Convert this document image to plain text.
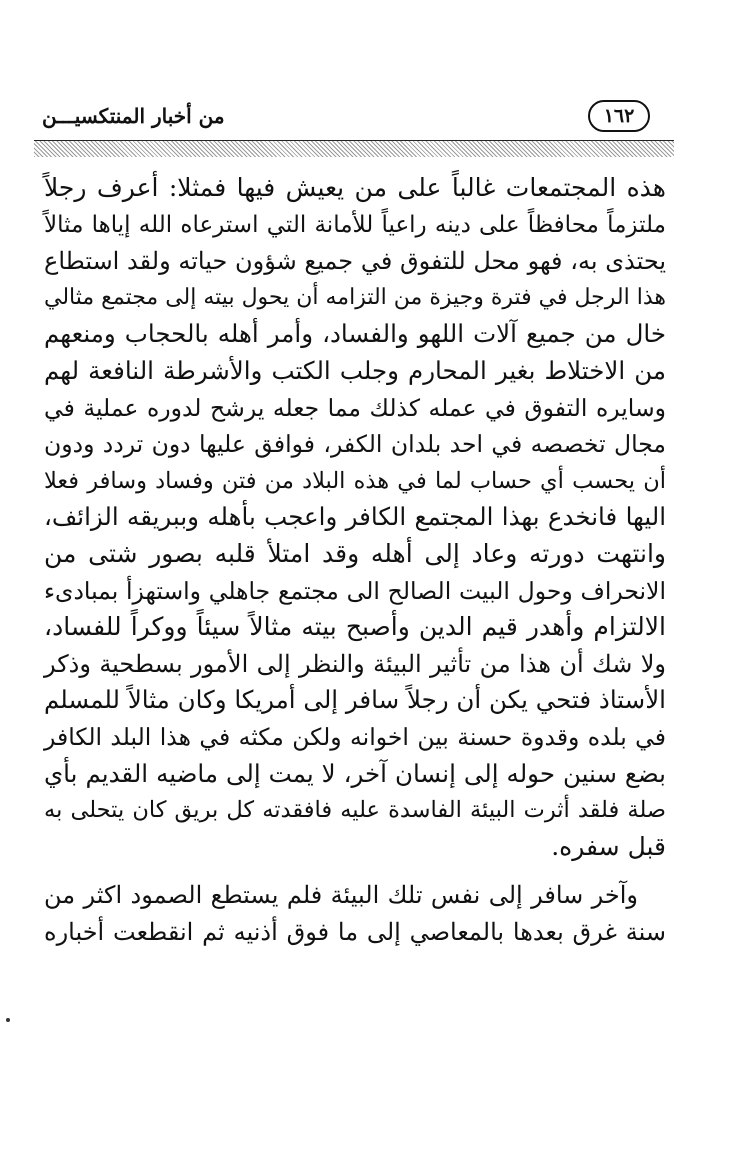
١٦٢
من أخبار المنتكسيـــن

هذه المجتمعات غالباً على من يعيش فيها فمثلا: أعرف رجلاً
ملتزماً محافظاً على دينه راعياً للأمانة التي استرعاه الله إياها مثالاً
يحتذى به، فهو محل للتفوق في جميع شؤون حياته ولقد استطاع
هذا الرجل في فترة وجيزة من التزامه أن يحول بيته إلى مجتمع مثالي
خال من جميع آلات اللهو والفساد، وأمر أهله بالحجاب ومنعهم
من الاختلاط بغير المحارم وجلب الكتب والأشرطة النافعة لهم
وسايره التفوق في عمله كذلك مما جعله يرشح لدوره عملية في
مجال تخصصه في احد بلدان الكفر، فوافق عليها دون تردد ودون
أن يحسب أي حساب لما في هذه البلاد من فتن وفساد وسافر فعلا
اليها فانخدع بهذا المجتمع الكافر واعجب بأهله وببريقه الزائف،
وانتهت دورته وعاد إلى أهله وقد امتلأ قلبه بصور شتى من
الانحراف وحول البيت الصالح الى مجتمع جاهلي واستهزأ بمبادىء
الالتزام وأهدر قيم الدين وأصبح بيته مثالاً سيئاً ووكراً للفساد،
ولا شك أن هذا من تأثير البيئة والنظر إلى الأمور بسطحية وذكر
الأستاذ فتحي يكن أن رجلاً سافر إلى أمريكا وكان مثالاً للمسلم
في بلده وقدوة حسنة بين اخوانه ولكن مكثه في هذا البلد الكافر
بضع سنين حوله إلى إنسان آخر، لا يمت إلى ماضيه القديم بأي
صلة فلقد أثرت البيئة الفاسدة عليه فافقدته كل بريق كان يتحلى به
قبل سفره.

وآخر سافر إلى نفس تلك البيئة فلم يستطع الصمود اكثر من
سنة غرق بعدها بالمعاصي إلى ما فوق أذنيه ثم انقطعت أخباره
